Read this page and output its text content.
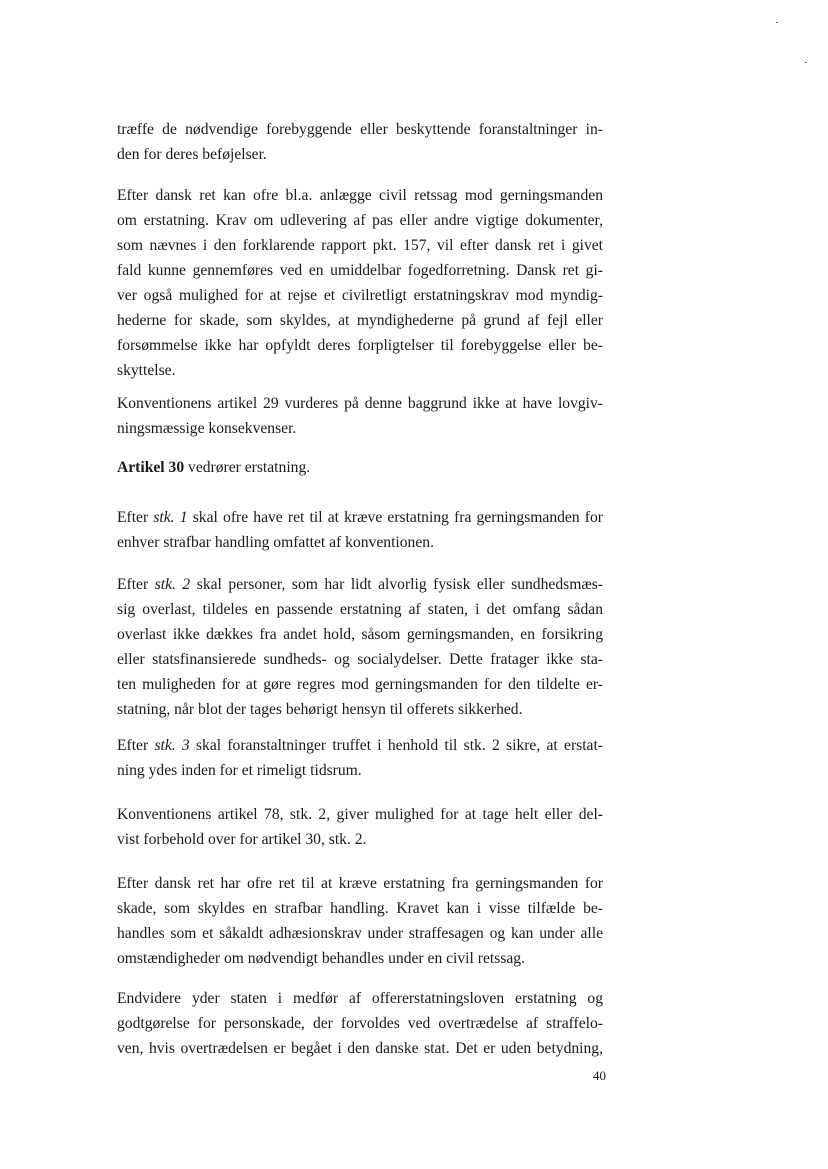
træffe de nødvendige forebyggende eller beskyttende foranstaltninger in-
den for deres beføjelser.
Efter dansk ret kan ofre bl.a. anlægge civil retssag mod gerningsmanden
om erstatning. Krav om udlevering af pas eller andre vigtige dokumenter,
som nævnes i den forklarende rapport pkt. 157, vil efter dansk ret i givet
fald kunne gennemføres ved en umiddelbar fogedforretning. Dansk ret gi-
ver også mulighed for at rejse et civilretligt erstatningskrav mod myndig-
hederne for skade, som skyldes, at myndighederne på grund af fejl eller
forsømmelse ikke har opfyldt deres forpligtelser til forebyggelse eller be-
skyttelse.
Konventionens artikel 29 vurderes på denne baggrund ikke at have lovgiv-
ningsmæssige konsekvenser.
Artikel 30 vedrører erstatning.
Efter stk. 1 skal ofre have ret til at kræve erstatning fra gerningsmanden for
enhver strafbar handling omfattet af konventionen.
Efter stk. 2 skal personer, som har lidt alvorlig fysisk eller sundhedsmæs-
sig overlast, tildeles en passende erstatning af staten, i det omfang sådan
overlast ikke dækkes fra andet hold, såsom gerningsmanden, en forsikring
eller statsfinansierede sundheds- og socialydelser. Dette fratager ikke sta-
ten muligheden for at gøre regres mod gerningsmanden for den tildelte er-
statning, når blot der tages behørigt hensyn til offerets sikkerhed.
Efter stk. 3 skal foranstaltninger truffet i henhold til stk. 2 sikre, at erstat-
ning ydes inden for et rimeligt tidsrum.
Konventionens artikel 78, stk. 2, giver mulighed for at tage helt eller del-
vist forbehold over for artikel 30, stk. 2.
Efter dansk ret har ofre ret til at kræve erstatning fra gerningsmanden for
skade, som skyldes en strafbar handling. Kravet kan i visse tilfælde be-
handles som et såkaldt adhæsionskrav under straffesagen og kan under alle
omstændigheder om nødvendigt behandles under en civil retssag.
Endvidere yder staten i medfør af offererstatningsloven erstatning og
godtgørelse for personskade, der forvoldes ved overtrædelse af straffelo-
ven, hvis overtrædelsen er begået i den danske stat. Det er uden betydning,
40
